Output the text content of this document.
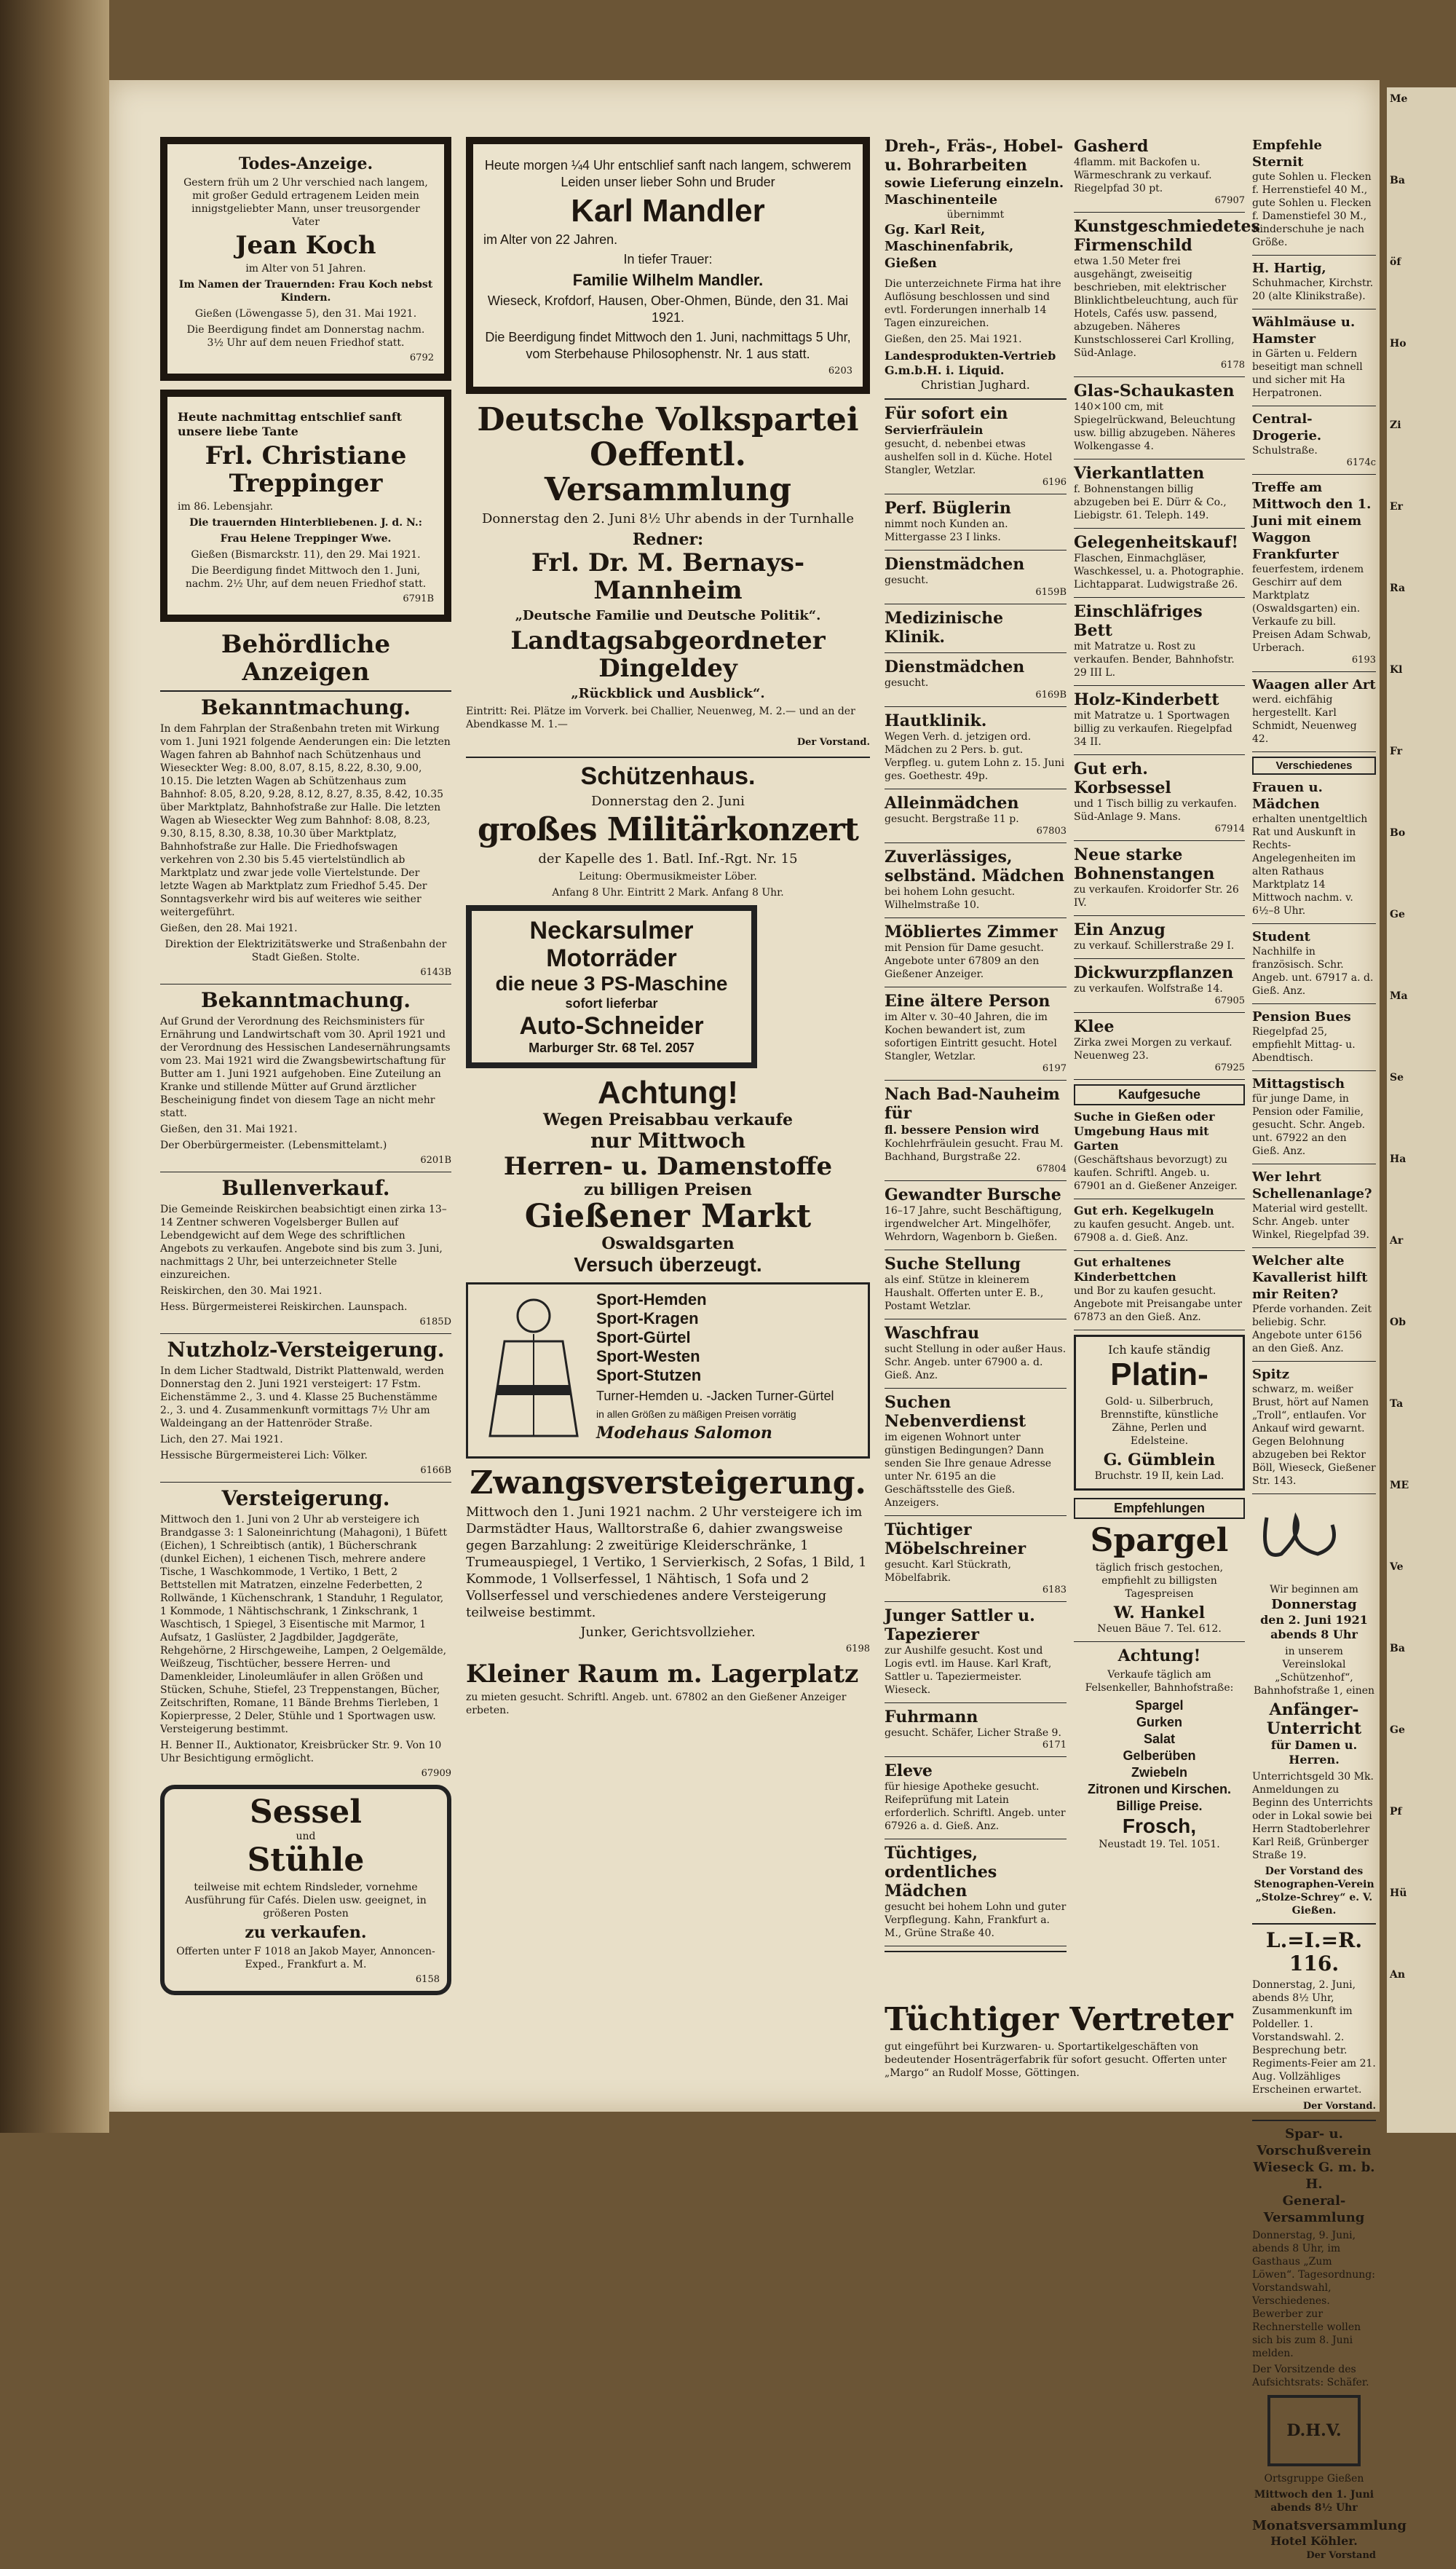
Me
Ba
öf
Ho
Zi
Er
Ra
Kl
Fr
Bo
Ge
Ma
Se
Ha
Ar
Ob
Ta
ME
Ve
Ba
Ge
Pf
Hü
An
Todes-Anzeige.

Gestern früh um 2 Uhr verschied nach langem, mit großer Geduld ertragenem Leiden mein innigstgeliebter Mann, unser treusorgender Vater

Jean Koch

im Alter von 51 Jahren.

Im Namen der Trauernden: Frau Koch nebst Kindern.

Gießen (Löwengasse 5), den 31. Mai 1921.

Die Beerdigung findet am Donnerstag nachm. 3½ Uhr auf dem neuen Friedhof statt.

6792

Heute nachmittag entschlief sanft unsere liebe Tante

Frl. Christiane Treppinger

im 86. Lebensjahr.

Die trauernden Hinterbliebenen. J. d. N.:

Frau Helene Treppinger Wwe.

Gießen (Bismarckstr. 11), den 29. Mai 1921.

Die Beerdigung findet Mittwoch den 1. Juni, nachm. 2½ Uhr, auf dem neuen Friedhof statt.

6791B
Behördliche Anzeigen
Bekanntmachung.

In dem Fahrplan der Straßenbahn treten mit Wirkung vom 1. Juni 1921 folgende Aenderungen ein: Die letzten Wagen fahren ab Bahnhof nach Schützenhaus und Wieseckter Weg: 8.00, 8.07, 8.15, 8.22, 8.30, 9.00, 10.15. Die letzten Wagen ab Schützenhaus zum Bahnhof: 8.05, 8.20, 9.28, 8.12, 8.27, 8.35, 8.42, 10.35 über Marktplatz, Bahnhofstraße zur Halle. Die letzten Wagen ab Wieseckter Weg zum Bahnhof: 8.08, 8.23, 9.30, 8.15, 8.30, 8.38, 10.30 über Marktplatz, Bahnhofstraße zur Halle. Die Friedhofswagen verkehren von 2.30 bis 5.45 viertelstündlich ab Marktplatz und zwar jede volle Viertelstunde. Der letzte Wagen ab Marktplatz zum Friedhof 5.45. Der Sonntagsverkehr wird bis auf weiteres wie seither weitergeführt.

Gießen, den 28. Mai 1921.

Direktion der Elektrizitätswerke und Straßenbahn der Stadt Gießen. Stolte.

6143B
Bekanntmachung.

Auf Grund der Verordnung des Reichsministers für Ernährung und Landwirtschaft vom 30. April 1921 und der Verordnung des Hessischen Landesernährungsamts vom 23. Mai 1921 wird die Zwangsbewirtschaftung für Butter am 1. Juni 1921 aufgehoben. Eine Zuteilung an Kranke und stillende Mütter auf Grund ärztlicher Bescheinigung findet von diesem Tage an nicht mehr statt.

Gießen, den 31. Mai 1921.

Der Oberbürgermeister. (Lebensmittelamt.)

6201B
Bullenverkauf.

Die Gemeinde Reiskirchen beabsichtigt einen zirka 13–14 Zentner schweren Vogelsberger Bullen auf Lebendgewicht auf dem Wege des schriftlichen Angebots zu verkaufen. Angebote sind bis zum 3. Juni, nachmittags 2 Uhr, bei unterzeichneter Stelle einzureichen.

Reiskirchen, den 30. Mai 1921.

Hess. Bürgermeisterei Reiskirchen. Launspach.

6185D
Nutzholz-Versteigerung.

In dem Licher Stadtwald, Distrikt Plattenwald, werden Donnerstag den 2. Juni 1921 versteigert: 17 Fstm. Eichenstämme 2., 3. und 4. Klasse 25 Buchenstämme 2., 3. und 4. Zusammenkunft vormittags 7½ Uhr am Waldeingang an der Hattenröder Straße.

Lich, den 27. Mai 1921.

Hessische Bürgermeisterei Lich: Völker.

6166B
Versteigerung.

Mittwoch den 1. Juni von 2 Uhr ab versteigere ich Brandgasse 3: 1 Saloneinrichtung (Mahagoni), 1 Büfett (Eichen), 1 Schreibtisch (antik), 1 Bücherschrank (dunkel Eichen), 1 eichenen Tisch, mehrere andere Tische, 1 Waschkommode, 1 Vertiko, 1 Bett, 2 Bettstellen mit Matratzen, einzelne Federbetten, 2 Rollwände, 1 Küchenschrank, 1 Standuhr, 1 Regulator, 1 Kommode, 1 Nähtischschrank, 1 Zinkschrank, 1 Waschtisch, 1 Spiegel, 3 Eisentische mit Marmor, 1 Aufsatz, 1 Gaslüster, 2 Jagdbilder, Jagdgeräte, Rehgehörne, 2 Hirschgeweihe, Lampen, 2 Oelgemälde, Weißzeug, Tischtücher, bessere Herren- und Damenkleider, Linoleumläufer in allen Größen und Stücken, Schuhe, Stiefel, 23 Treppenstangen, Bücher, Zeitschriften, Romane, 11 Bände Brehms Tierleben, 1 Kopierpresse, 2 Deler, Stühle und 1 Sportwagen usw. Versteigerung bestimmt.

H. Benner II., Auktionator, Kreisbrücker Str. 9. Von 10 Uhr Besichtigung ermöglicht.

67909
Sessel
und
Stühle

teilweise mit echtem Rindsleder, vornehme Ausführung für Cafés. Dielen usw. geeignet, in größeren Posten

zu verkaufen.

Offerten unter F 1018 an Jakob Mayer, Annoncen-Exped., Frankfurt a. M.

6158

Heute morgen ¼4 Uhr entschlief sanft nach langem, schwerem Leiden unser lieber Sohn und Bruder

Karl Mandler

im Alter von 22 Jahren.

In tiefer Trauer:

Familie Wilhelm Mandler.

Wieseck, Krofdorf, Hausen, Ober-Ohmen, Bünde, den 31. Mai 1921.

Die Beerdigung findet Mittwoch den 1. Juni, nachmittags 5 Uhr, vom Sterbehause Philosophenstr. Nr. 1 aus statt.

6203
Deutsche Volkspartei
Oeffentl. Versammlung

Donnerstag den 2. Juni 8½ Uhr abends in der Turnhalle

Redner:
Frl. Dr. M. Bernays-Mannheim

„Deutsche Familie und Deutsche Politik“.

Landtagsabgeordneter Dingeldey

„Rückblick und Ausblick“.

Eintritt: Rei. Plätze im Vorverk. bei Challier, Neuenweg, M. 2.— und an der Abendkasse M. 1.—

Der Vorstand.
Schützenhaus.

Donnerstag den 2. Juni

großes Militärkonzert

der Kapelle des 1. Batl. Inf.-Rgt. Nr. 15

Leitung: Obermusikmeister Löber.

Anfang 8 Uhr. Eintritt 2 Mark. Anfang 8 Uhr.

Neckarsulmer
Motorräder
die neue 3 PS-Maschine
sofort lieferbar
Auto-Schneider
Marburger Str. 68 Tel. 2057
Achtung!
Wegen Preisabbau verkaufe
nur Mittwoch
Herren- u. Damenstoffe
zu billigen Preisen
Gießener Markt
Oswaldsgarten
Versuch überzeugt.
Sport-Hemden
Sport-Kragen
Sport-Gürtel
Sport-Westen
Sport-Stutzen

Turner-Hemden u. -Jacken Turner-Gürtel

in allen Größen zu mäßigen Preisen vorrätig

Modehaus Salomon
Zwangsversteigerung.

Mittwoch den 1. Juni 1921 nachm. 2 Uhr versteigere ich im Darmstädter Haus, Walltorstraße 6, dahier zwangsweise gegen Barzahlung: 2 zweitürige Kleiderschränke, 1 Trumeauspiegel, 1 Vertiko, 1 Servierkisch, 2 Sofas, 1 Bild, 1 Kommode, 1 Vollserfessel, 1 Nähtisch, 1 Sofa und 2 Vollserfessel und verschiedenes andere Versteigerung teilweise bestimmt.

Junker, Gerichtsvollzieher.

6198
Kleiner Raum m. Lagerplatz

zu mieten gesucht. Schriftl. Angeb. unt. 67802 an den Gießener Anzeiger erbeten.

Dreh-, Fräs-, Hobel- u. Bohrarbeiten
sowie Lieferung einzeln. Maschinenteile
übernimmt
Gg. Karl Reit, Maschinenfabrik, Gießen

Die unterzeichnete Firma hat ihre Auflösung beschlossen und sind evtl. Forderungen innerhalb 14 Tagen einzureichen.

Gießen, den 25. Mai 1921.

Landesprodukten-Vertrieb G.m.b.H. i. Liquid.
Christian Jughard.
Für sofort ein
Servierfräulein
gesucht, d. nebenbei etwas aushelfen soll in d. Küche. Hotel Stangler, Wetzlar.
6196
Perf. Büglerin
nimmt noch Kunden an. Mittergasse 23 I links.
Dienstmädchen
gesucht.
6159B
Medizinische Klinik.
Dienstmädchen
gesucht.
6169B
Hautklinik.
Wegen Verh. d. jetzigen ord. Mädchen zu 2 Pers. b. gut. Verpfleg. u. gutem Lohn z. 15. Juni ges. Goethestr. 49p.
Alleinmädchen
gesucht. Bergstraße 11 p.
67803
Zuverlässiges, selbständ. Mädchen
bei hohem Lohn gesucht. Wilhelmstraße 10.
Möbliertes Zimmer
mit Pension für Dame gesucht. Angebote unter 67809 an den Gießener Anzeiger.
Eine ältere Person
im Alter v. 30–40 Jahren, die im Kochen bewandert ist, zum sofortigen Eintritt gesucht. Hotel Stangler, Wetzlar.
6197
Nach Bad-Nauheim für
fl. bessere Pension wird
Kochlehrfräulein gesucht. Frau M. Bachhand, Burgstraße 22.
67804
Gewandter Bursche
16–17 Jahre, sucht Beschäftigung, irgendwelcher Art. Mingelhöfer, Wehrdorn, Wagenborn b. Gießen.
Suche Stellung
als einf. Stütze in kleinerem Haushalt. Offerten unter E. B., Postamt Wetzlar.
Waschfrau
sucht Stellung in oder außer Haus. Schr. Angeb. unter 67900 a. d. Gieß. Anz.
Suchen Nebenverdienst
im eigenen Wohnort unter günstigen Bedingungen? Dann senden Sie Ihre genaue Adresse unter Nr. 6195 an die Geschäftsstelle des Gieß. Anzeigers.
Tüchtiger Möbelschreiner
gesucht. Karl Stückrath, Möbelfabrik.
6183
Junger Sattler u. Tapezierer
zur Aushilfe gesucht. Kost und Logis evtl. im Hause. Karl Kraft, Sattler u. Tapeziermeister. Wieseck.
Fuhrmann
gesucht. Schäfer, Licher Straße 9.
6171
Eleve
für hiesige Apotheke gesucht. Reifeprüfung mit Latein erforderlich. Schriftl. Angeb. unter 67926 a. d. Gieß. Anz.
Tüchtiges, ordentliches Mädchen
gesucht bei hohem Lohn und guter Verpflegung. Kahn, Frankfurt a. M., Grüne Straße 40.
Tüchtiger Vertreter

gut eingeführt bei Kurzwaren- u. Sportartikelgeschäften von bedeutender Hosenträgerfabrik für sofort gesucht. Offerten unter „Margo“ an Rudolf Mosse, Göttingen.

Gasherd
4flamm. mit Backofen u. Wärmeschrank zu verkauf. Riegelpfad 30 pt.
67907
Kunstgeschmiedetes Firmenschild
etwa 1.50 Meter frei ausgehängt, zweiseitig beschrieben, mit elektrischer Blinklichtbeleuchtung, auch für Hotels, Cafés usw. passend, abzugeben. Näheres Kunstschlosserei Carl Krolling, Süd-Anlage.
6178
Glas-Schaukasten
140×100 cm, mit Spiegelrückwand, Beleuchtung usw. billig abzugeben. Näheres Wolkengasse 4.
Vierkantlatten
f. Bohnenstangen billig abzugeben bei E. Dürr & Co., Liebigstr. 61. Teleph. 149.
Gelegenheitskauf!
Flaschen, Einmachgläser, Waschkessel, u. a. Photographie. Lichtapparat. Ludwigstraße 26.
Einschläfriges Bett
mit Matratze u. Rost zu verkaufen. Bender, Bahnhofstr. 29 III L.
Holz-Kinderbett
mit Matratze u. 1 Sportwagen billig zu verkaufen. Riegelpfad 34 II.
Gut erh. Korbsessel
und 1 Tisch billig zu verkaufen. Süd-Anlage 9. Mans.
67914
Neue starke Bohnenstangen
zu verkaufen. Kroidorfer Str. 26 IV.
Ein Anzug
zu verkauf. Schillerstraße 29 I.
Dickwurzpflanzen
zu verkaufen. Wolfstraße 14.
67905
Klee
Zirka zwei Morgen zu verkauf. Neuenweg 23.
67925
Kaufgesuche
Suche in Gießen oder Umgebung Haus mit Garten
(Geschäftshaus bevorzugt) zu kaufen. Schriftl. Angeb. u. 67901 an d. Gießener Anzeiger.
Gut erh. Kegelkugeln
zu kaufen gesucht. Angeb. unt. 67908 a. d. Gieß. Anz.
Gut erhaltenes Kinderbettchen
und Bor zu kaufen gesucht. Angebote mit Preisangabe unter 67873 an den Gieß. Anz.
Ich kaufe ständig
Platin-

Gold- u. Silberbruch, Brennstifte, künstliche Zähne, Perlen und Edelsteine.

G. Gümblein
Bruchstr. 19 II, kein Lad.
Empfehlungen
Spargel

täglich frisch gestochen, empfiehlt zu billigsten Tagespreisen

W. Hankel
Neuen Bäue 7. Tel. 612.
Achtung!

Verkaufe täglich am Felsenkeller, Bahnhofstraße:

Spargel
Gurken
Salat
Gelberüben
Zwiebeln
Zitronen und Kirschen.
Billige Preise.
Frosch,
Neustadt 19. Tel. 1051.
Empfehle Sternit
gute Sohlen u. Flecken f. Herrenstiefel 40 M., gute Sohlen u. Flecken f. Damenstiefel 30 M., Kinderschuhe je nach Größe.
H. Hartig,
Schuhmacher, Kirchstr. 20 (alte Klinikstraße).
Wählmäuse u. Hamster
in Gärten u. Feldern beseitigt man schnell und sicher mit Ha Herpatronen.
Central-Drogerie.
Schulstraße.
6174c
Treffe am Mittwoch den 1. Juni mit einem Waggon Frankfurter
feuerfestem, irdenem Geschirr auf dem Marktplatz (Oswaldsgarten) ein. Verkaufe zu bill. Preisen Adam Schwab, Urberach.
6193
Waagen aller Art
werd. eichfähig hergestellt. Karl Schmidt, Neuenweg 42.
Verschiedenes
Frauen u. Mädchen
erhalten unentgeltlich Rat und Auskunft in Rechts-Angelegenheiten im alten Rathaus Marktplatz 14 Mittwoch nachm. v. 6½–8 Uhr.
Student
Nachhilfe in französisch. Schr. Angeb. unt. 67917 a. d. Gieß. Anz.
Pension Bues
Riegelpfad 25, empfiehlt Mittag- u. Abendtisch.
Mittagstisch
für junge Dame, in Pension oder Familie, gesucht. Schr. Angeb. unt. 67922 an den Gieß. Anz.
Wer lehrt Schellenanlage?
Material wird gestellt. Schr. Angeb. unter Winkel, Riegelpfad 39.
Welcher alte Kavallerist hilft mir Reiten?
Pferde vorhanden. Zeit beliebig. Schr. Angebote unter 6156 an den Gieß. Anz.
Spitz
schwarz, m. weißer Brust, hört auf Namen „Troll“, entlaufen. Vor Ankauf wird gewarnt. Gegen Belohnung abzugeben bei Rektor Böll, Wieseck, Gießener Str. 143.
Wir beginnen am
Donnerstag
den 2. Juni 1921
abends 8 Uhr

in unserem Vereinslokal „Schützenhof“, Bahnhofstraße 1, einen

Anfänger-Unterricht
für Damen u. Herren.

Unterrichtsgeld 30 Mk. Anmeldungen zu Beginn des Unterrichts oder in Lokal sowie bei Herrn Stadtoberlehrer Karl Reiß, Grünberger Straße 19.

Der Vorstand des Stenographen-Verein „Stolze-Schrey“ e. V. Gießen.

L.=I.=R. 116.

Donnerstag, 2. Juni, abends 8½ Uhr, Zusammenkunft im Poldeller. 1. Vorstandswahl. 2. Besprechung betr. Regiments-Feier am 21. Aug. Vollzähliges Erscheinen erwartet.

Der Vorstand.
Spar- u. Vorschußverein Wieseck G. m. b. H.
General-Versammlung

Donnerstag, 9. Juni, abends 8 Uhr, im Gasthaus „Zum Löwen“. Tagesordnung: Vorstandswahl, Verschiedenes. Bewerber zur Rechnerstelle wollen sich bis zum 8. Juni melden.

Der Vorsitzende des Aufsichtsrats: Schäfer.

D.H.V.
Ortsgruppe Gießen

Mittwoch den 1. Juni abends 8½ Uhr

Monatsversammlung
Hotel Köhler.
Der Vorstand
